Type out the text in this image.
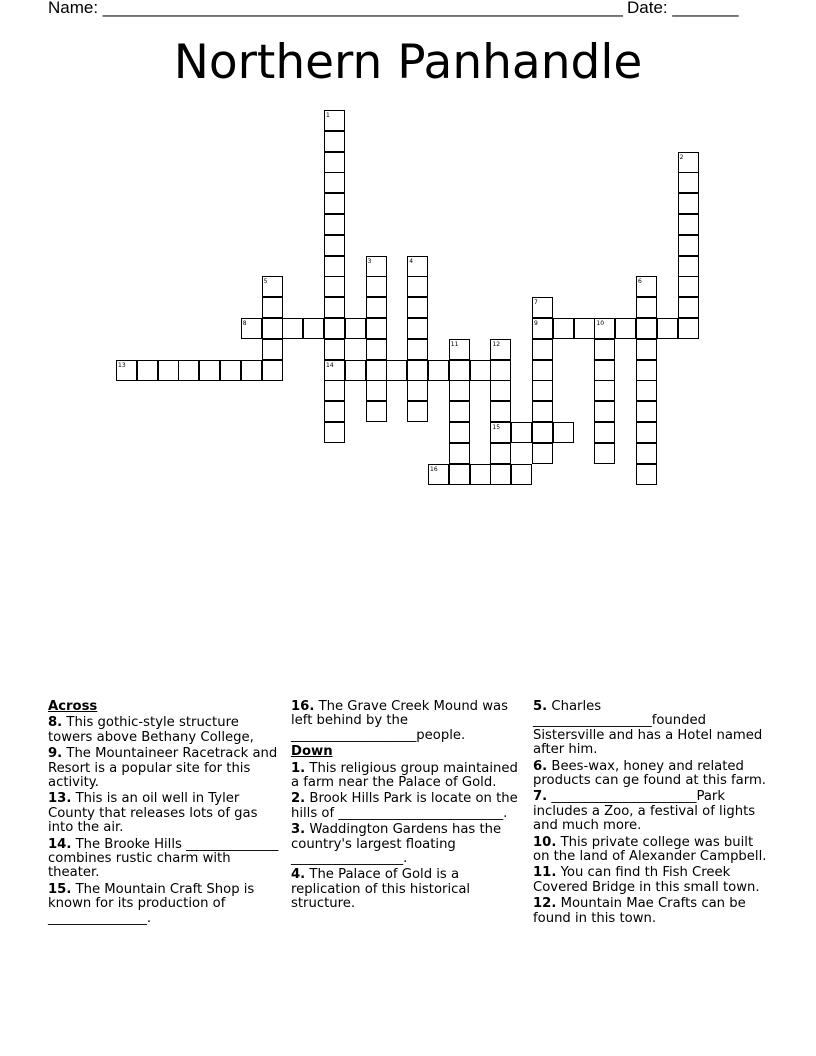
Name: _______________________________________________________ Date: _______
Northern Panhandle
1
14
2
3	4
5	6
7
9
8	10
11	12
15
13
16
Across
8. This gothic-style structure towers above Bethany College,
9. The Mountaineer Racetrack and Resort is a popular site for this activity.
13. This is an oil well in Tyler County that releases lots of gas into the air.
14. The Brooke Hills ______________ combines rustic charm with theater.
15. The Mountain Craft Shop is known for its production of _______________.
16. The Grave Creek Mound was left behind by the ___________________people.
Down
1. This religious group maintained a farm near the Palace of Gold.
2. Brook Hills Park is locate on the hills of _________________________.
3. Waddington Gardens has the country's largest floating _________________.
4. The Palace of Gold is a replication of this historical structure.
5. Charles __________________founded Sistersville and has a Hotel named after him.
6. Bees-wax, honey and related products can ge found at this farm.
7. ______________________Park includes a Zoo, a festival of lights and much more.
10. This private college was built on the land of Alexander Campbell.
11. You can find th Fish Creek Covered Bridge in this small town.
12. Mountain Mae Crafts can be found in this town.
